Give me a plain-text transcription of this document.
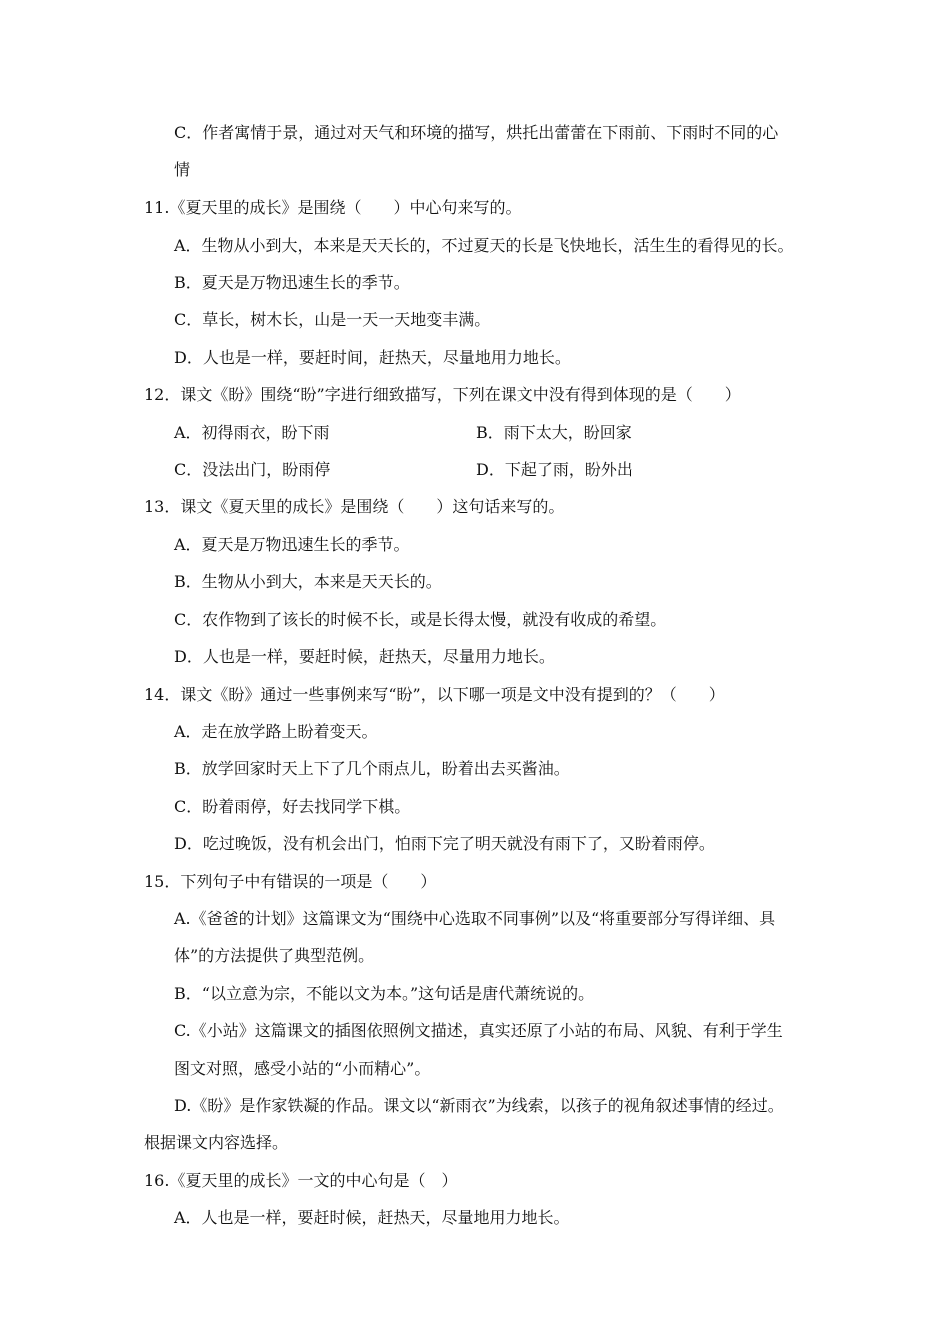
C．作者寓情于景，通过对天气和环境的描写，烘托出蕾蕾在下雨前、下雨时不同的心
情
11.《夏天里的成长》是围绕（　　）中心句来写的。
A．生物从小到大，本来是天天长的，不过夏天的长是飞快地长，活生生的看得见的长。
B．夏天是万物迅速生长的季节。
C．草长，树木长，山是一天一天地变丰满。
D．人也是一样，要赶时间，赶热天，尽量地用力地长。
12．课文《盼》围绕“盼”字进行细致描写，下列在课文中没有得到体现的是（　　）
A．初得雨衣，盼下雨	B．雨下太大，盼回家
C．没法出门，盼雨停	D．下起了雨，盼外出
13．课文《夏天里的成长》是围绕（　　）这句话来写的。
A．夏天是万物迅速生长的季节。
B．生物从小到大，本来是天天长的。
C．农作物到了该长的时候不长，或是长得太慢，就没有收成的希望。
D．人也是一样，要赶时候，赶热天，尽量用力地长。
14．课文《盼》通过一些事例来写“盼”，以下哪一项是文中没有提到的？（　　）
A．走在放学路上盼着变天。
B．放学回家时天上下了几个雨点儿，盼着出去买酱油。
C．盼着雨停，好去找同学下棋。
D．吃过晚饭，没有机会出门，怕雨下完了明天就没有雨下了，又盼着雨停。
15．下列句子中有错误的一项是（　　）
A.《爸爸的计划》这篇课文为“围绕中心选取不同事例”以及“将重要部分写得详细、具
体”的方法提供了典型范例。
B．“以立意为宗，不能以文为本。”这句话是唐代萧统说的。
C.《小站》这篇课文的插图依照例文描述，真实还原了小站的布局、风貌、有利于学生
图文对照，感受小站的“小而精心”。
D.《盼》是作家铁凝的作品。课文以“新雨衣”为线索，以孩子的视角叙述事情的经过。
根据课文内容选择。
16.《夏天里的成长》一文的中心句是（　）
A．人也是一样，要赶时候，赶热天，尽量地用力地长。
